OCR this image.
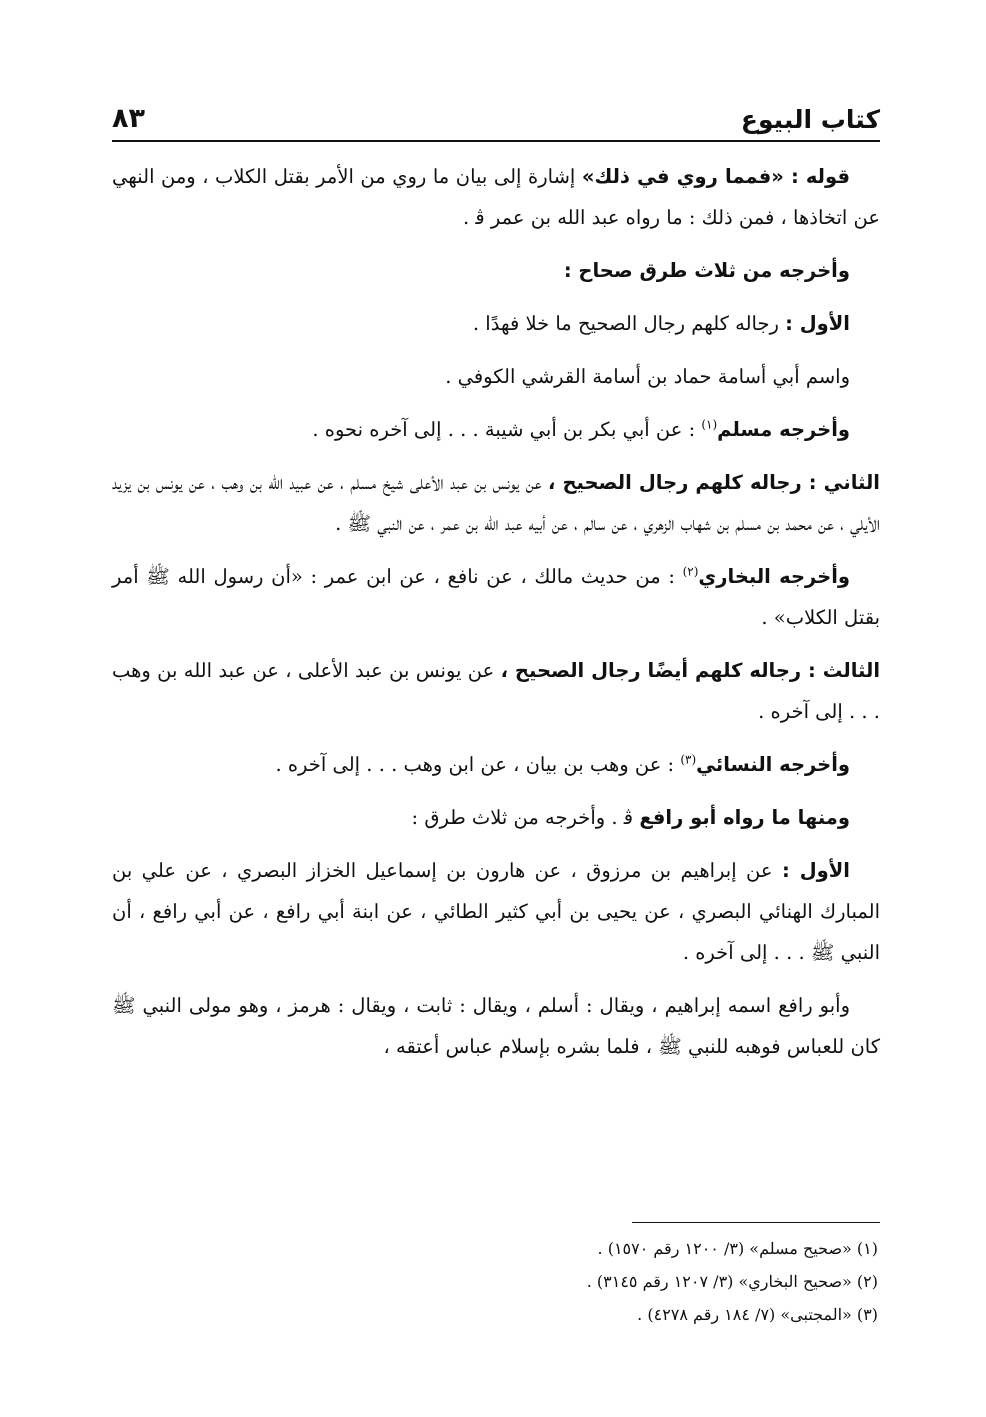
كتاب البيوع
٨٣

قوله : «فمما روي في ذلك» إشارة إلى بيان ما روي من الأمر بقتل الكلاب ، ومن النهي عن اتخاذها ، فمن ذلك : ما رواه عبد الله بن عمر ﭬ .

وأخرجه من ثلاث طرق صحاح :

الأول : رجاله كلهم رجال الصحيح ما خلا فهدًا .

واسم أبي أسامة حماد بن أسامة القرشي الكوفي .

وأخرجه مسلم$^{(١)}$ : عن أبي بكر بن أبي شيبة . . . إلى آخره نحوه .

الثاني : رجاله كلهم رجال الصحيح ، عن يونس بن عبد الأعلى شيخ مسلم ، عن عبيد الله بن وهب ، عن يونس بن يزيد الأيلي ، عن محمد بن مسلم بن شهاب الزهري ، عن سالم ، عن أبيه عبد الله بن عمر ، عن النبي ﷺ .

وأخرجه البخاري$^{(٢)}$ : من حديث مالك ، عن نافع ، عن ابن عمر : «أن رسول الله ﷺ أمر بقتل الكلاب» .

الثالث : رجاله كلهم أيضًا رجال الصحيح ، عن يونس بن عبد الأعلى ، عن عبد الله بن وهب . . . إلى آخره .

وأخرجه النسائي$^{(٣)}$ : عن وهب بن بيان ، عن ابن وهب . . . إلى آخره .

ومنها ما رواه أبو رافع ﭬ . وأخرجه من ثلاث طرق :

الأول : عن إبراهيم بن مرزوق ، عن هارون بن إسماعيل الخزاز البصري ، عن علي بن المبارك الهنائي البصري ، عن يحيى بن أبي كثير الطائي ، عن ابنة أبي رافع ، عن أبي رافع ، أن النبي ﷺ . . . إلى آخره .

وأبو رافع اسمه إبراهيم ، ويقال : أسلم ، ويقال : ثابت ، ويقال : هرمز ، وهو مولى النبي ﷺ كان للعباس فوهبه للنبي ﷺ ، فلما بشره بإسلام عباس أعتقه ،

(١) «صحيح مسلم» (٣/ ١٢٠٠ رقم ١٥٧٠) .
(٢) «صحيح البخاري» (٣/ ١٢٠٧ رقم ٣١٤٥) .
(٣) «المجتبى» (٧/ ١٨٤ رقم ٤٢٧٨) .
